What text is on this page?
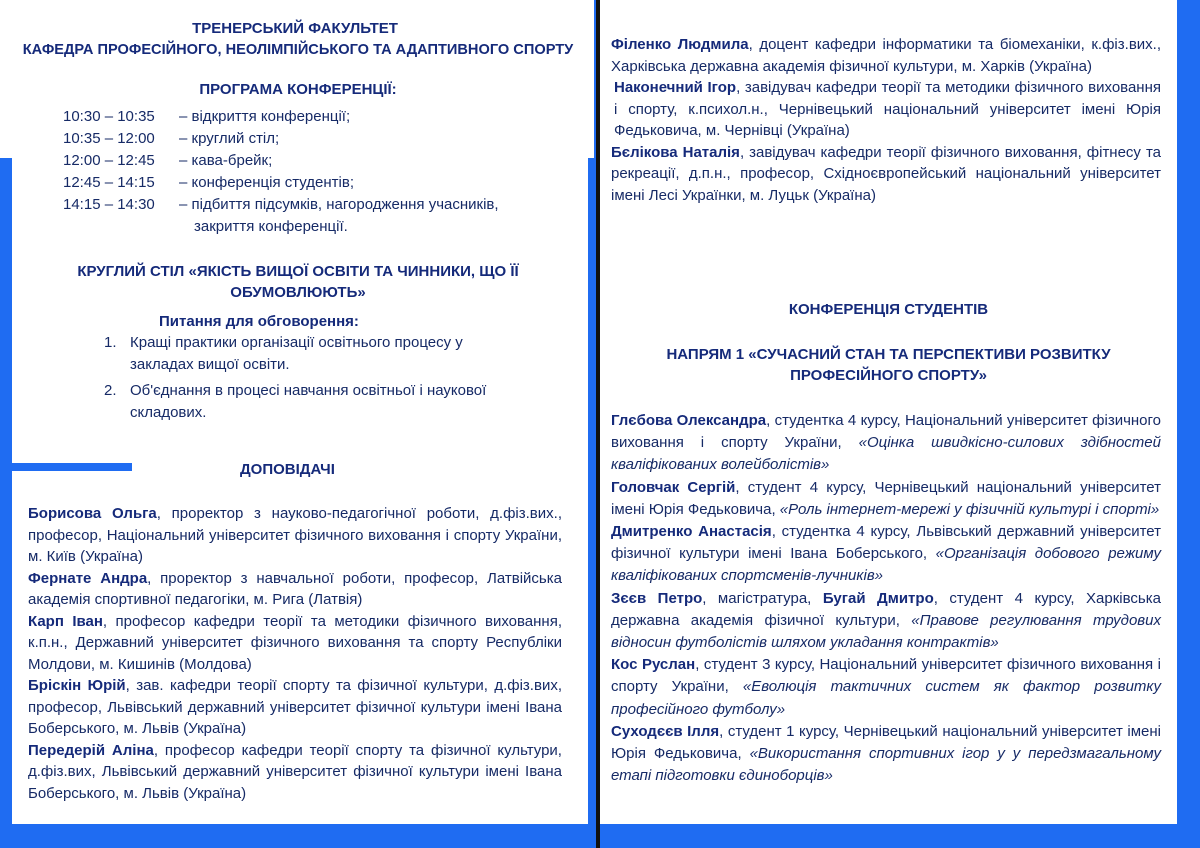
ТРЕНЕРСЬКИЙ ФАКУЛЬТЕТ
КАФЕДРА ПРОФЕСІЙНОГО, НЕОЛІМПІЙСЬКОГО ТА АДАПТИВНОГО СПОРТУ
ПРОГРАМА КОНФЕРЕНЦІЇ:
10:30 – 10:35	– відкриття конференції;
10:35 – 12:00	– круглий стіл;
12:00 – 12:45	– кава-брейк;
12:45 – 14:15	– конференція студентів;
14:15 – 14:30	– підбиття підсумків, нагородження учасників,
закриття конференції.
КРУГЛИЙ СТІЛ «ЯКІСТЬ ВИЩОЇ ОСВІТИ ТА ЧИННИКИ, ЩО ЇЇ
ОБУМОВЛЮЮТЬ»
Питання для обговорення:
1. Кращі практики організації освітнього процесу у закладах вищої освіти.
2. Об'єднання в процесі навчання освітньої і наукової складових.
ДОПОВІДАЧІ

Борисова Ольга, проректор з науково-педагогічної роботи, д.фіз.вих., професор, Національний університет фізичного виховання і спорту України, м. Київ (Україна)

Фернате Андра, проректор з навчальної роботи, професор, Латвійська академія спортивної педагогіки, м. Рига (Латвія)

Карп Іван, професор кафедри теорії та методики фізичного виховання, к.п.н., Державний університет фізичного виховання та спорту Республіки Молдови, м. Кишинів (Молдова)

Бріскін Юрій, зав. кафедри теорії спорту та фізичної культури, д.фіз.вих, професор, Львівський державний університет фізичної культури імені Івана Боберського, м. Львів (Україна)

Передерій Аліна, професор кафедри теорії спорту та фізичної культури, д.фіз.вих, Львівський державний університет фізичної культури імені Івана Боберського, м. Львів (Україна)

Філенко Людмила, доцент кафедри інформатики та біомеханіки, к.фіз.вих., Харківська державна академія фізичної культури, м. Харків (Україна)

Наконечний Ігор, завідувач кафедри теорії та методики фізичного виховання і спорту, к.психол.н., Чернівецький національний університет імені Юрія Федьковича, м. Чернівці (Україна)

Бєлікова Наталія, завідувач кафедри теорії фізичного виховання, фітнесу та рекреації, д.п.н., професор, Східноєвропейський національний університет імені Лесі Українки, м. Луцьк (Україна)

КОНФЕРЕНЦІЯ СТУДЕНТІВ
НАПРЯМ 1 «СУЧАСНИЙ СТАН ТА ПЕРСПЕКТИВИ РОЗВИТКУ
ПРОФЕСІЙНОГО СПОРТУ»

Глєбова Олександра, студентка 4 курсу, Національний університет фізичного виховання і спорту України, «Оцінка швидкісно-силових здібностей кваліфікованих волейболістів»

Головчак Сергій, студент 4 курсу, Чернівецький національний університет імені Юрія Федьковича, «Роль інтернет-мережі у фізичній культурі і спорті»

Дмитренко Анастасія, студентка 4 курсу, Львівський державний університет фізичної культури імені Івана Боберського, «Організація добового режиму кваліфікованих спортсменів-лучників»

Зєєв Петро, магістратура, Бугай Дмитро, студент 4 курсу, Харківська державна академія фізичної культури, «Правове регулювання трудових відносин футболістів шляхом укладання контрактів»

Кос Руслан, студент 3 курсу, Національний університет фізичного виховання і спорту України, «Еволюція тактичних систем як фактор розвитку професійного футболу»

Суходєєв Ілля, студент 1 курсу, Чернівецький національний університет імені Юрія Федьковича, «Використання спортивних ігор у у передзмагальному етапі підготовки єдиноборців»
